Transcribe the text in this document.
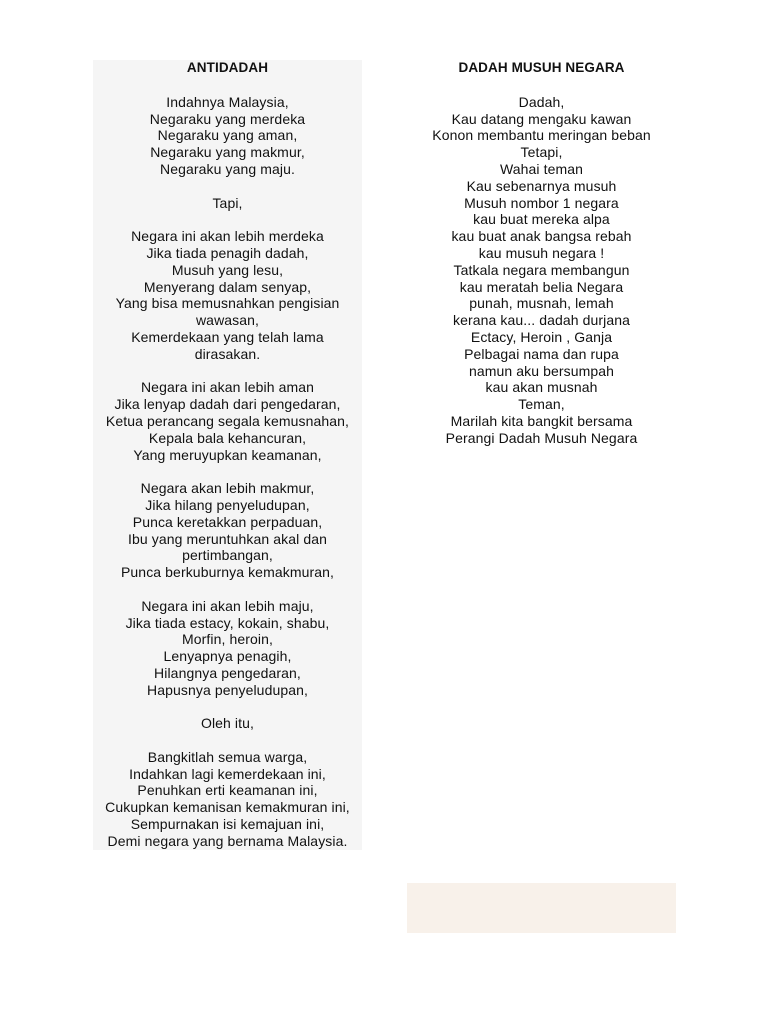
ANTIDADAH
Indahnya Malaysia,
Negaraku yang merdeka
Negaraku yang aman,
Negaraku yang makmur,
Negaraku yang maju.
Tapi,
Negara ini akan lebih merdeka
Jika tiada penagih dadah,
Musuh yang lesu,
Menyerang dalam senyap,
Yang bisa memusnahkan pengisian
wawasan,
Kemerdekaan yang telah lama
dirasakan.
Negara ini akan lebih aman
Jika lenyap dadah dari pengedaran,
Ketua perancang segala kemusnahan,
Kepala bala kehancuran,
Yang meruyupkan keamanan,
Negara akan lebih makmur,
Jika hilang penyeludupan,
Punca keretakkan perpaduan,
Ibu yang meruntuhkan akal dan
pertimbangan,
Punca berkuburnya kemakmuran,
Negara ini akan lebih maju,
Jika tiada estacy, kokain, shabu,
Morfin, heroin,
Lenyapnya penagih,
Hilangnya pengedaran,
Hapusnya penyeludupan,
Oleh itu,
Bangkitlah semua warga,
Indahkan lagi kemerdekaan ini,
Penuhkan erti keamanan ini,
Cukupkan kemanisan kemakmuran ini,
Sempurnakan isi kemajuan ini,
Demi negara yang bernama Malaysia.
DADAH MUSUH NEGARA
Dadah,
Kau datang mengaku kawan
Konon membantu meringan beban
Tetapi,
Wahai teman
Kau sebenarnya musuh
Musuh nombor 1 negara
kau buat mereka alpa
kau buat anak bangsa rebah
kau musuh negara !
Tatkala negara membangun
kau meratah belia Negara
punah, musnah, lemah
kerana kau... dadah durjana
Ectacy, Heroin , Ganja
Pelbagai nama dan rupa
namun aku bersumpah
kau akan musnah
Teman,
Marilah kita bangkit bersama
Perangi Dadah Musuh Negara
